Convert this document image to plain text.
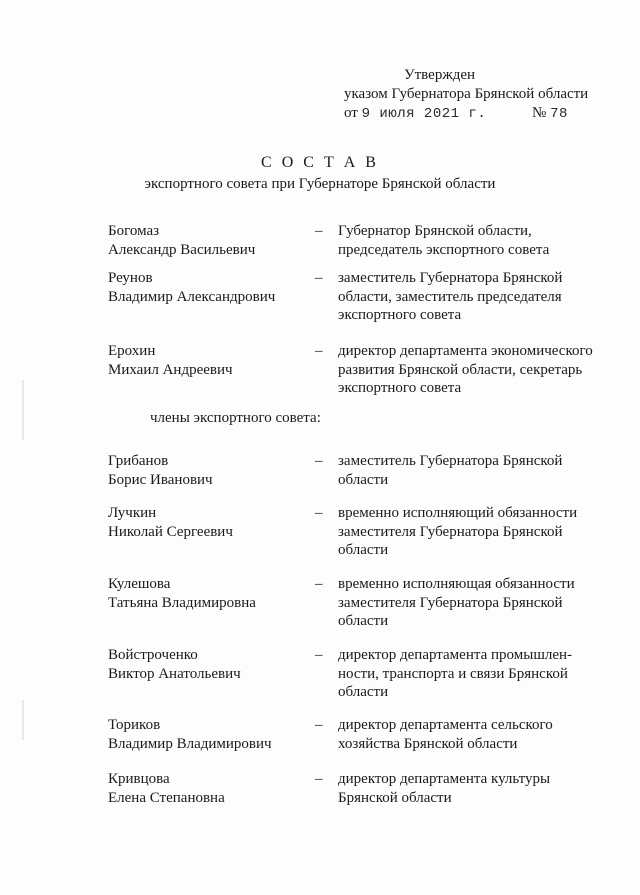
Утвержден
указом Губернатора Брянской области
от 9 июля 2021 г.	№ 78
С О С Т А В
экспортного совета при Губернаторе Брянской области
Богомаз
Александр Васильевич
– Губернатор Брянской области,
председатель экспортного совета
Реунов
Владимир Александрович
– заместитель Губернатора Брянской
области, заместитель председателя
экспортного совета
Ерохин
Михаил Андреевич
– директор департамента экономического
развития Брянской области, секретарь
экспортного совета
члены экспортного совета:
Грибанов
Борис Иванович
– заместитель Губернатора Брянской
области
Лучкин
Николай Сергеевич
– временно исполняющий обязанности
заместителя Губернатора Брянской
области
Кулешова
Татьяна Владимировна
– временно исполняющая обязанности
заместителя Губернатора Брянской
области
Войстроченко
Виктор Анатольевич
– директор департамента промышлен-
ности, транспорта и связи Брянской
области
Ториков
Владимир Владимирович
– директор департамента сельского
хозяйства Брянской области
Кривцова
Елена Степановна
– директор департамента культуры
Брянской области
